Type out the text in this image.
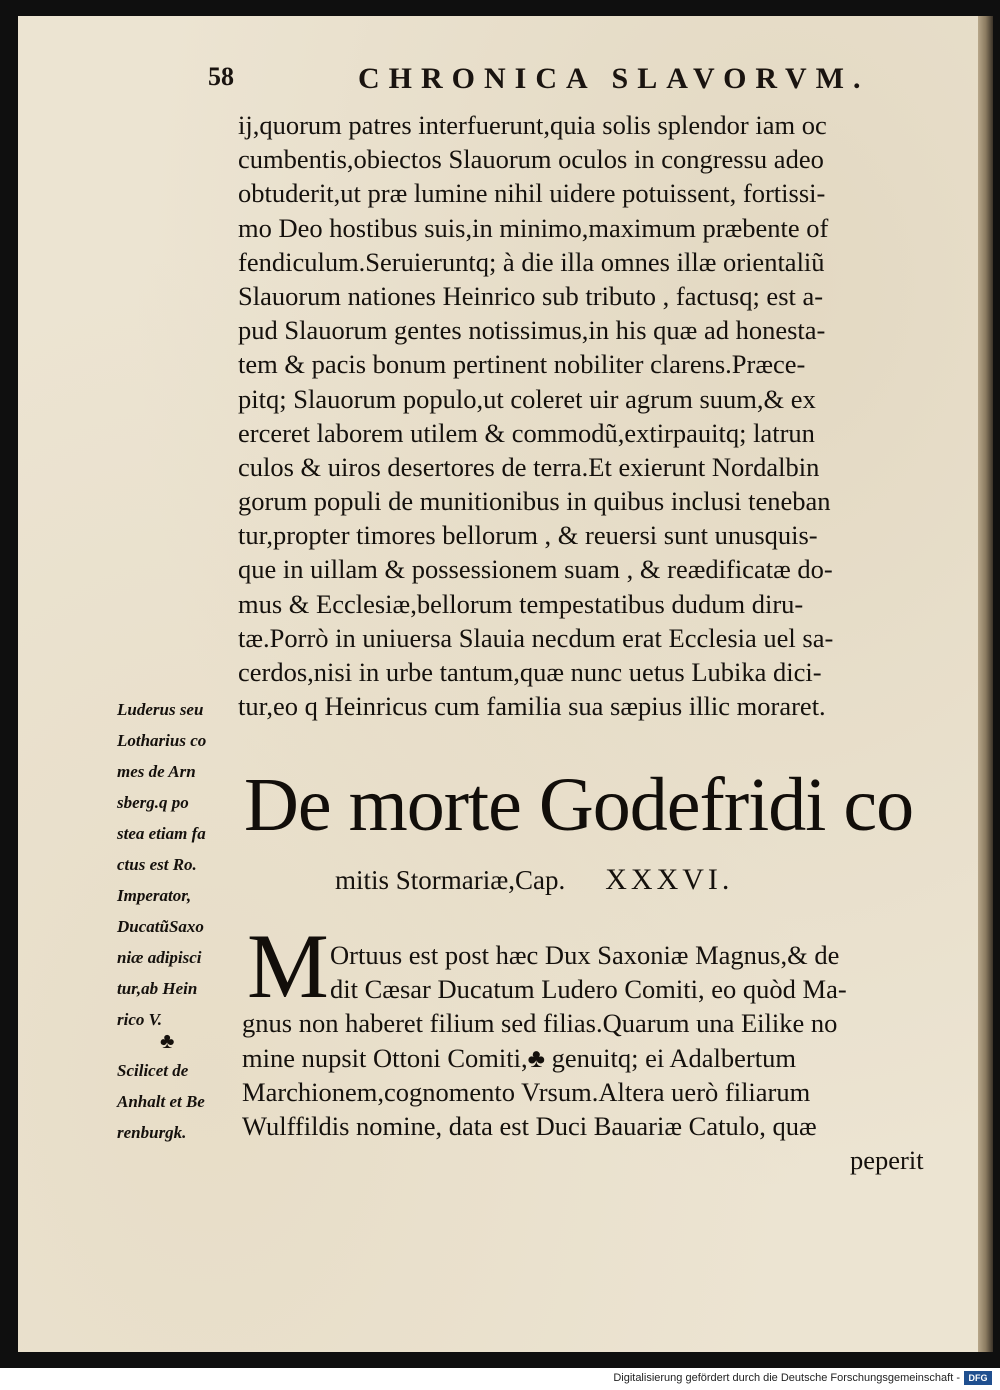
58	CHRONICA SLAVORVM.
ij,quorum patres interfuerunt,quia solis splendor iam oc
cumbentis,obiectos Slauorum oculos in congressu adeo
obtuderit,ut præ lumine nihil uidere potuissent, fortissi-
mo Deo hostibus suis,in minimo,maximum præbente of
fendiculum.Seruieruntq; à die illa omnes illæ orientaliũ
Slauorum nationes Heinrico sub tributo , factusq; est a-
pud Slauorum gentes notissimus,in his quæ ad honesta-
tem & pacis bonum pertinent nobiliter clarens.Præce-
pitq; Slauorum populo,ut coleret uir agrum suum,& ex
erceret laborem utilem & commodũ,extirpauitq; latrun
culos & uiros desertores de terra.Et exierunt Nordalbin
gorum populi de munitionibus in quibus inclusi teneban
tur,propter timores bellorum , & reuersi sunt unusquis-
que in uillam & possessionem suam , & reædificatæ do-
mus & Ecclesiæ,bellorum tempestatibus dudum diru-
tæ.Porrò in uniuersa Slauia necdum erat Ecclesia uel sa-
cerdos,nisi in urbe tantum,quæ nunc uetus Lubika dici-
tur,eo q Heinricus cum familia sua sæpius illic moraret.
Luderus seu
Lotharius co
mes de Arn
sberg.q po
stea etiam fa
ctus est Ro.
Imperator,
DucatũSaxo
niæ adipisci
tur,ab Hein
rico V.
♣
Scilicet de
Anhalt et Be
renburgk.
De morte Godefridi co
mitis Stormariæ,Cap. XXXVI.
M Ortuus est post hæc Dux Saxoniæ Magnus,& de
dit Cæsar Ducatum Ludero Comiti, eo quòd Ma-
gnus non haberet filium sed filias.Quarum una Eilike no
mine nupsit Ottoni Comiti,♣ genuitq; ei Adalbertum
Marchionem,cognomento Vrsum.Altera uerò filiarum
Wulffildis nomine, data est Duci Bauariæ Catulo, quæ
peperit
Digitalisierung gefördert durch die Deutsche Forschungsgemeinschaft - DFG
